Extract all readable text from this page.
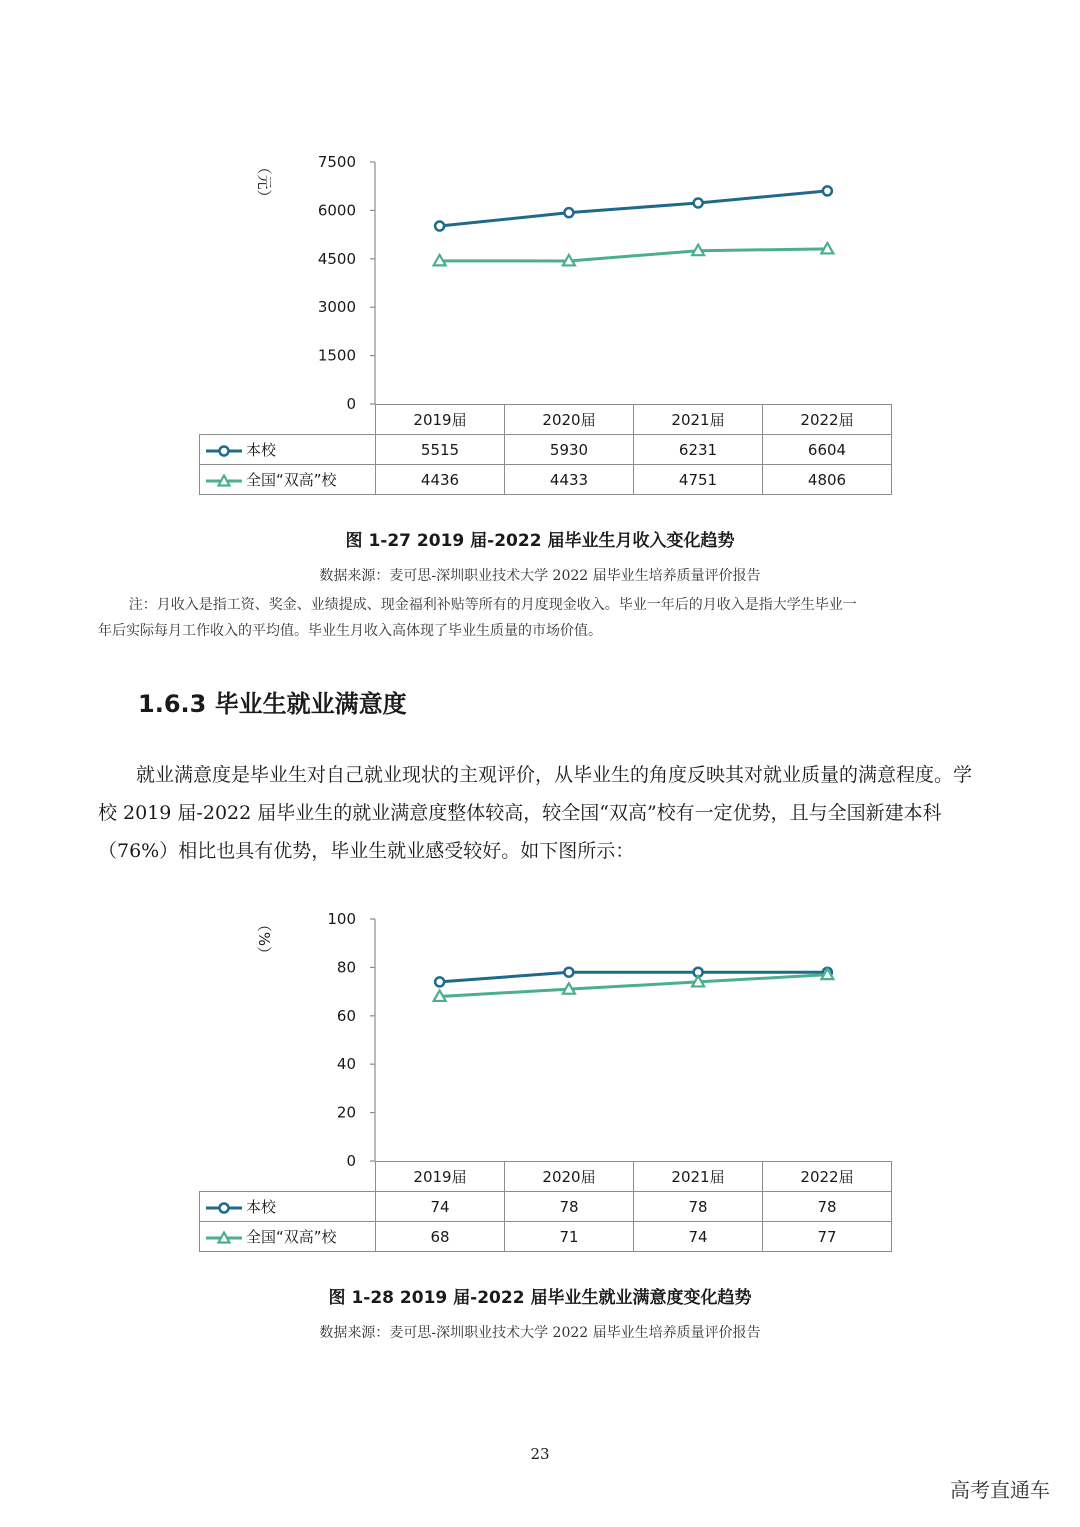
0
1500
3000
4500
6000
7500
（元）
	2019届	2020届	2021届	2022届
本校	5515	5930	6231	6604
全国“双高”校	4436	4433	4751	4806
图 1-27 2019 届-2022 届毕业生月收入变化趋势
数据来源：麦可思-深圳职业技术大学 2022 届毕业生培养质量评价报告

注：月收入是指工资、奖金、业绩提成、现金福利补贴等所有的月度现金收入。毕业一年后的月收入是指大学生毕业一

年后实际每月工作收入的平均值。毕业生月收入高体现了毕业生质量的市场价值。

1.6.3 毕业生就业满意度

就业满意度是毕业生对自己就业现状的主观评价，从毕业生的角度反映其对就业质量的满意程度。学校 2019 届-2022 届毕业生的就业满意度整体较高，较全国“双高”校有一定优势，且与全国新建本科（76%）相比也具有优势，毕业生就业感受较好。如下图所示：

0
20
40
60
80
100
（%）
	2019届	2020届	2021届	2022届
本校	74	78	78	78
全国“双高”校	68	71	74	77
图 1-28 2019 届-2022 届毕业生就业满意度变化趋势
数据来源：麦可思-深圳职业技术大学 2022 届毕业生培养质量评价报告
23
高考直通车
